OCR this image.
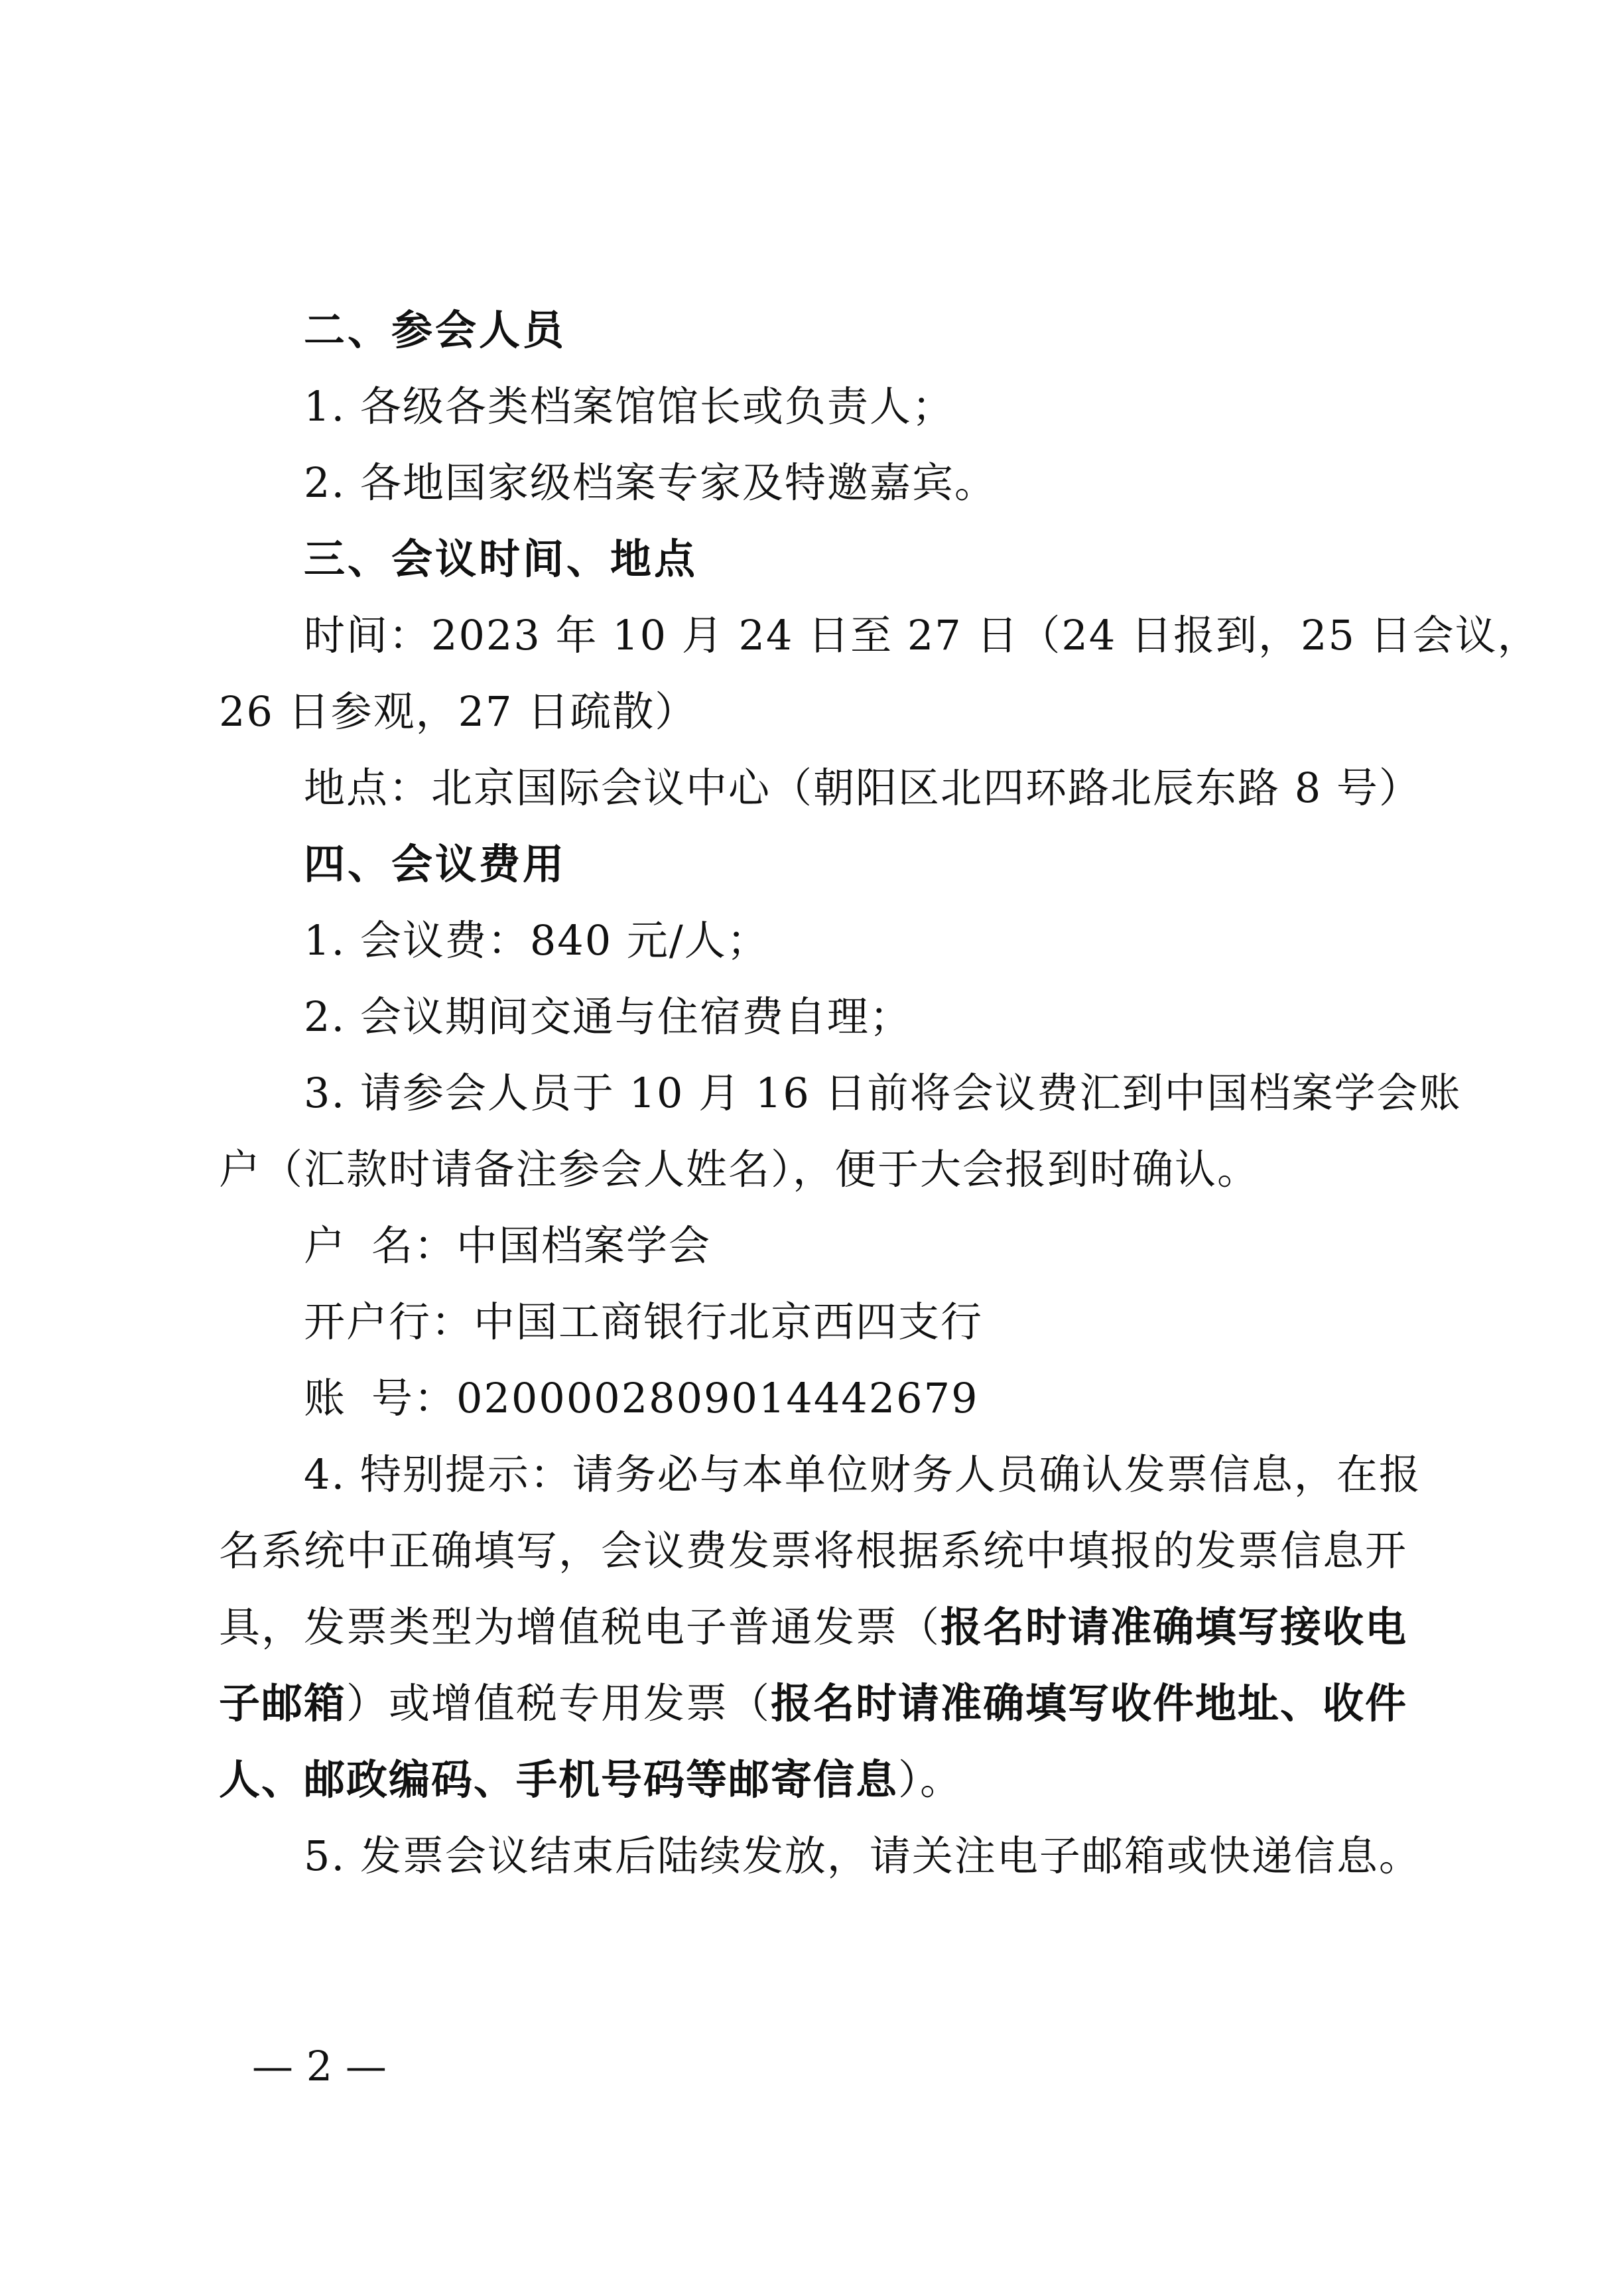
二、参会人员
1. 各级各类档案馆馆长或负责人；
2. 各地国家级档案专家及特邀嘉宾。
三、会议时间、地点
时间：2023 年 10 月 24 日至 27 日（24 日报到，25 日会议，
26 日参观，27 日疏散）
地点：北京国际会议中心（朝阳区北四环路北辰东路 8 号）
四、会议费用
1. 会议费：840 元/人；
2. 会议期间交通与住宿费自理；
3. 请参会人员于 10 月 16 日前将会议费汇到中国档案学会账
户（汇款时请备注参会人姓名），便于大会报到时确认。
户名：中国档案学会
开户行：中国工商银行北京西四支行
账号：0200002809014442679
4. 特别提示：请务必与本单位财务人员确认发票信息，在报
名系统中正确填写，会议费发票将根据系统中填报的发票信息开
具，发票类型为增值税电子普通发票（报名时请准确填写接收电
子邮箱）或增值税专用发票（报名时请准确填写收件地址、收件
人、邮政编码、手机号码等邮寄信息）。
5. 发票会议结束后陆续发放，请关注电子邮箱或快递信息。
— 2 —
